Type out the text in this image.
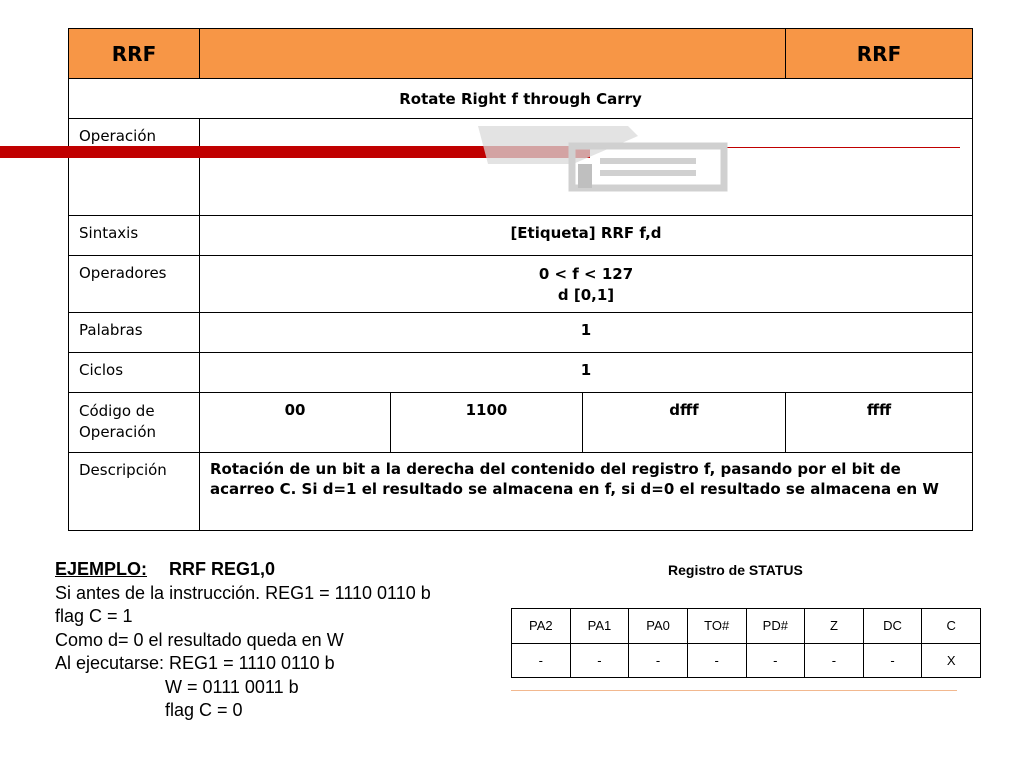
RRF				RRF
Rotate Right f through Carry				
Operación				
Sintaxis	[Etiqueta] RRF f,d			
Operadores	0 < f < 127
d [0,1]			

Palabras	1			
Ciclos	1			

Código de
Operación	00	1100	dfff	ffff
Descripción	Rotación de un bit a la derecha del contenido del registro f, pasando por el bit de acarreo C. Si d=1 el resultado se almacena en f, si d=0 el resultado se almacena en W			
EJEMPLO: RRF REG1,0
Si antes de la instrucción. REG1 = 1110 0110 b
flag C = 1
Como d= 0 el resultado queda en W
Al ejecutarse: REG1 = 1110 0110 b
W = 0111 0011 b
flag C = 0
Registro de STATUS
PA2	PA1	PA0	TO#	PD#	Z	DC	C
-	-	-	-	-	-	-	X
